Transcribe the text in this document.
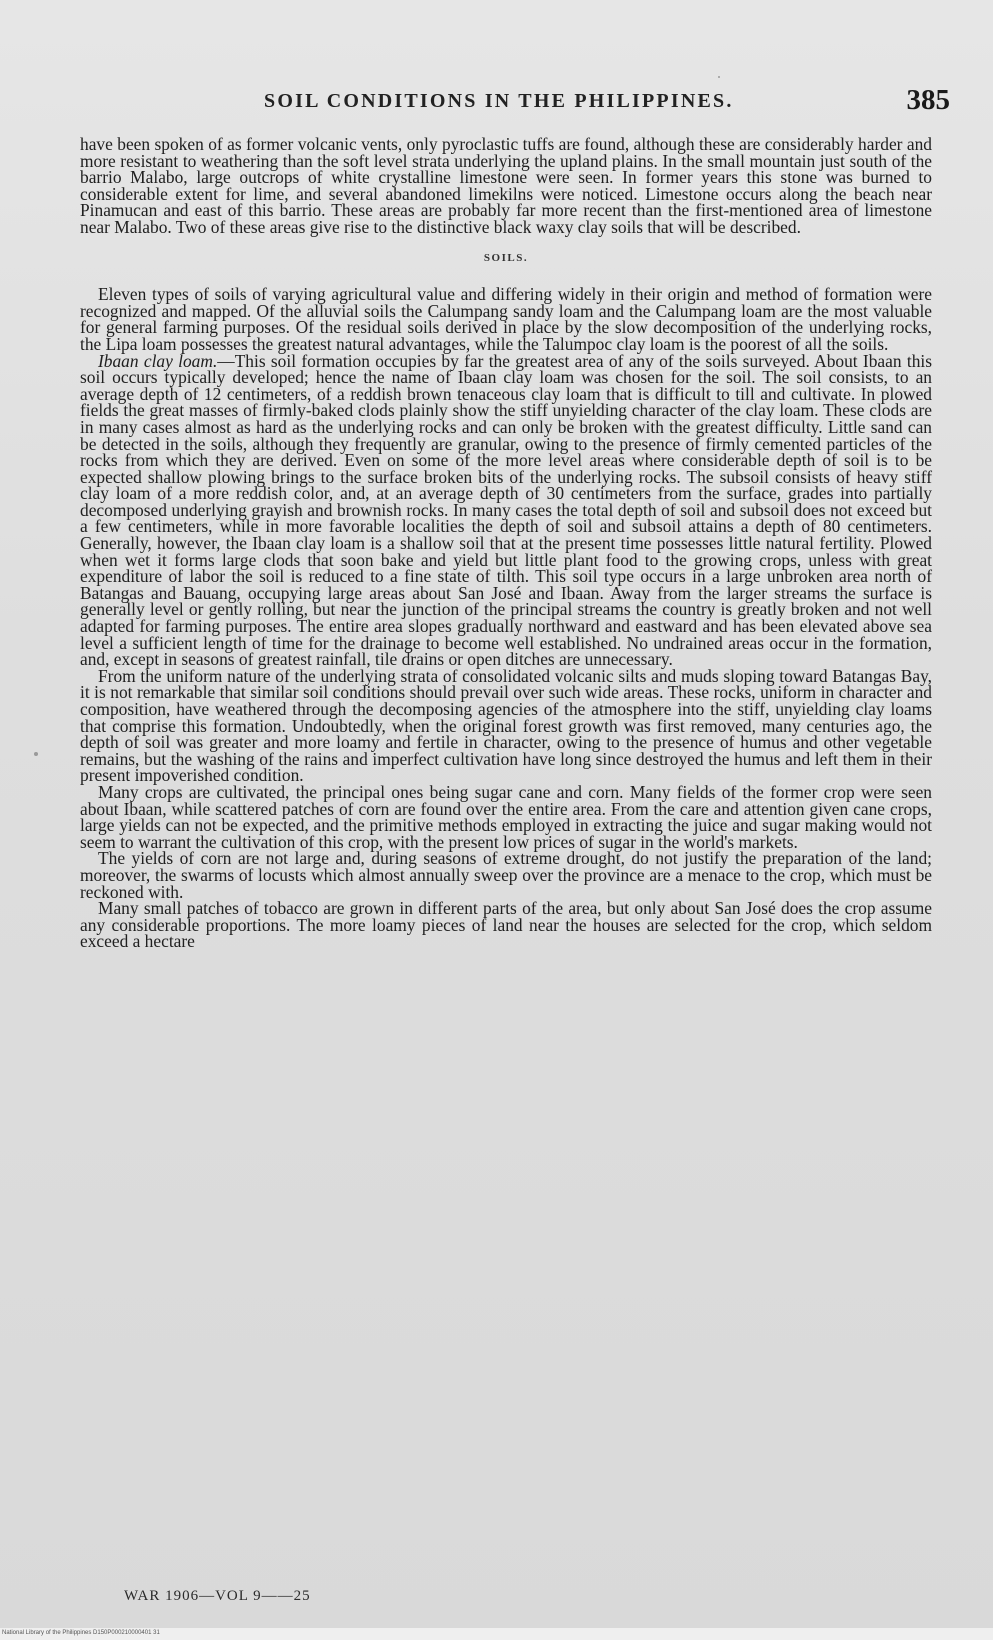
SOIL CONDITIONS IN THE PHILIPPINES.	385

have been spoken of as former volcanic vents, only pyroclastic tuffs are found, although these are considerably harder and more resistant to weathering than the soft level strata underlying the upland plains. In the small mountain just south of the barrio Malabo, large outcrops of white crystalline limestone were seen. In former years this stone was burned to considerable extent for lime, and several abandoned limekilns were noticed. Limestone occurs along the beach near Pinamucan and east of this barrio. These areas are probably far more recent than the first-mentioned area of limestone near Malabo. Two of these areas give rise to the distinctive black waxy clay soils that will be described.

SOILS.

Eleven types of soils of varying agricultural value and differing widely in their origin and method of formation were recognized and mapped. Of the alluvial soils the Calumpang sandy loam and the Calumpang loam are the most valuable for general farming purposes. Of the residual soils derived in place by the slow decomposition of the underlying rocks, the Lipa loam possesses the greatest natural advantages, while the Talumpoc clay loam is the poorest of all the soils.

Ibaan clay loam.—This soil formation occupies by far the greatest area of any of the soils surveyed. About Ibaan this soil occurs typically developed; hence the name of Ibaan clay loam was chosen for the soil. The soil consists, to an average depth of 12 centimeters, of a reddish brown tenaceous clay loam that is difficult to till and cultivate. In plowed fields the great masses of firmly-baked clods plainly show the stiff unyielding character of the clay loam. These clods are in many cases almost as hard as the underlying rocks and can only be broken with the greatest difficulty. Little sand can be detected in the soils, although they frequently are granular, owing to the presence of firmly cemented particles of the rocks from which they are derived. Even on some of the more level areas where considerable depth of soil is to be expected shallow plowing brings to the surface broken bits of the underlying rocks. The subsoil consists of heavy stiff clay loam of a more reddish color, and, at an average depth of 30 centimeters from the surface, grades into partially decomposed underlying grayish and brownish rocks. In many cases the total depth of soil and subsoil does not exceed but a few centimeters, while in more favorable localities the depth of soil and subsoil attains a depth of 80 centimeters. Generally, however, the Ibaan clay loam is a shallow soil that at the present time possesses little natural fertility. Plowed when wet it forms large clods that soon bake and yield but little plant food to the growing crops, unless with great expenditure of labor the soil is reduced to a fine state of tilth. This soil type occurs in a large unbroken area north of Batangas and Bauang, occupying large areas about San José and Ibaan. Away from the larger streams the surface is generally level or gently rolling, but near the junction of the principal streams the country is greatly broken and not well adapted for farming purposes. The entire area slopes gradually northward and eastward and has been elevated above sea level a sufficient length of time for the drainage to become well established. No undrained areas occur in the formation, and, except in seasons of greatest rainfall, tile drains or open ditches are unnecessary.

From the uniform nature of the underlying strata of consolidated volcanic silts and muds sloping toward Batangas Bay, it is not remarkable that similar soil conditions should prevail over such wide areas. These rocks, uniform in character and composition, have weathered through the decomposing agencies of the atmosphere into the stiff, unyielding clay loams that comprise this formation. Undoubtedly, when the original forest growth was first removed, many centuries ago, the depth of soil was greater and more loamy and fertile in character, owing to the presence of humus and other vegetable remains, but the washing of the rains and imperfect cultivation have long since destroyed the humus and left them in their present impoverished condition.

Many crops are cultivated, the principal ones being sugar cane and corn. Many fields of the former crop were seen about Ibaan, while scattered patches of corn are found over the entire area. From the care and attention given cane crops, large yields can not be expected, and the primitive methods employed in extracting the juice and sugar making would not seem to warrant the cultivation of this crop, with the present low prices of sugar in the world's markets.

The yields of corn are not large and, during seasons of extreme drought, do not justify the preparation of the land; moreover, the swarms of locusts which almost annually sweep over the province are a menace to the crop, which must be reckoned with.

Many small patches of tobacco are grown in different parts of the area, but only about San José does the crop assume any considerable proportions. The more loamy pieces of land near the houses are selected for the crop, which seldom exceed a hectare

WAR 1906—VOL 9——25
National Library of the Philippines D150P000210000401 31
